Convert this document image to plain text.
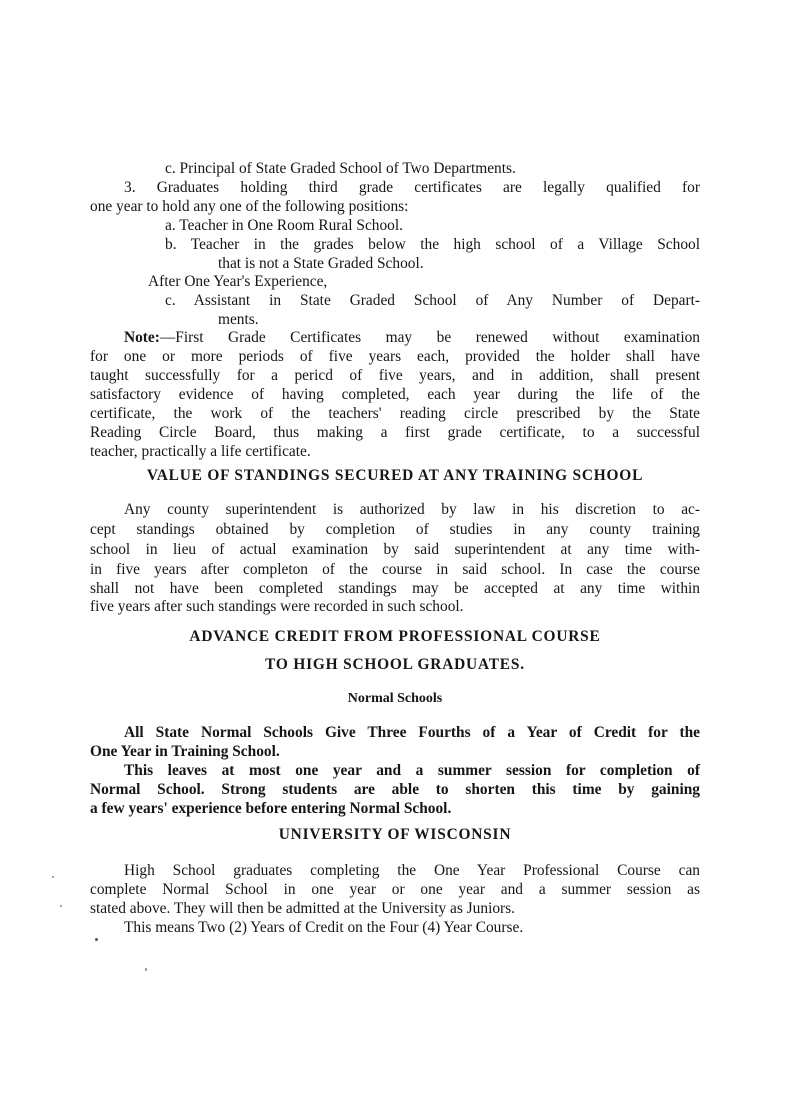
c. Principal of State Graded School of Two Departments.
3. Graduates holding third grade certificates are legally qualified for
one year to hold any one of the following positions:
a. Teacher in One Room Rural School.
b. Teacher in the grades below the high school of a Village School
that is not a State Graded School.
After One Year's Experience,
c. Assistant in State Graded School of Any Number of Depart-
ments.
Note:—First Grade Certificates may be renewed without examination
for one or more periods of five years each, provided the holder shall have
taught successfully for a pericd of five years, and in addition, shall present
satisfactory evidence of having completed, each year during the life of the
certificate, the work of the teachers' reading circle prescribed by the State
Reading Circle Board, thus making a first grade certificate, to a successful
teacher, practically a life certificate.
VALUE OF STANDINGS SECURED AT ANY TRAINING SCHOOL
Any county superintendent is authorized by law in his discretion to ac-
cept standings obtained by completion of studies in any county training
school in lieu of actual examination by said superintendent at any time with-
in five years after completon of the course in said school. In case the course
shall not have been completed standings may be accepted at any time within
five years after such standings were recorded in such school.
ADVANCE CREDIT FROM PROFESSIONAL COURSE
TO HIGH SCHOOL GRADUATES.
Normal Schools
All State Normal Schools Give Three Fourths of a Year of Credit for the
One Year in Training School.
This leaves at most one year and a summer session for completion of
Normal School. Strong students are able to shorten this time by gaining
a few years' experience before entering Normal School.
UNIVERSITY OF WISCONSIN
High School graduates completing the One Year Professional Course can
complete Normal School in one year or one year and a summer session as
stated above. They will then be admitted at the University as Juniors.
This means Two (2) Years of Credit on the Four (4) Year Course.
